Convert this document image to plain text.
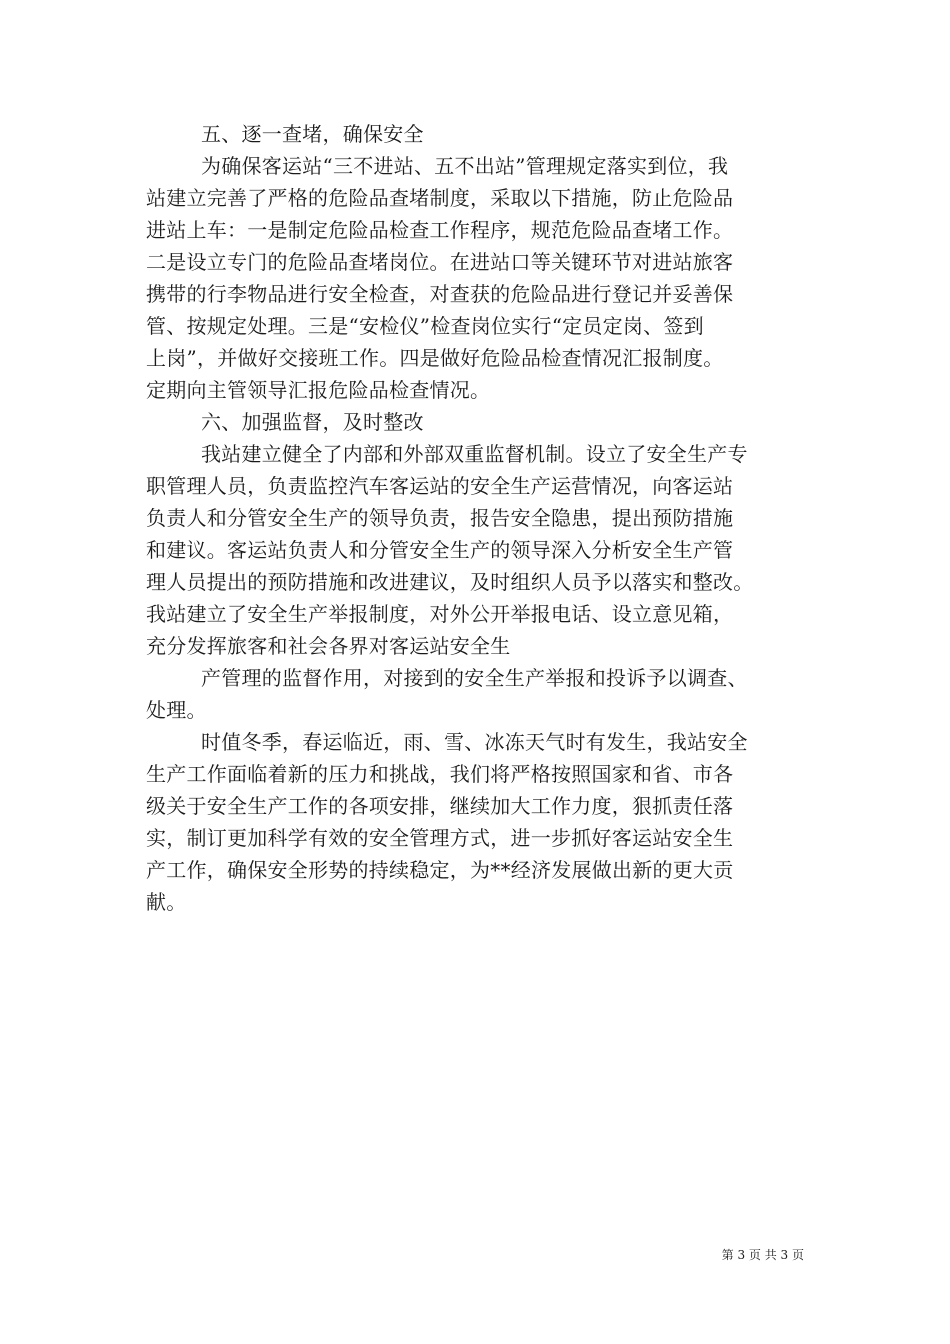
五、逐一查堵，确保安全

为确保客运站“三不进站、五不出站”管理规定落实到位，我

站建立完善了严格的危险品查堵制度，采取以下措施，防止危险品

进站上车：一是制定危险品检查工作程序，规范危险品查堵工作。

二是设立专门的危险品查堵岗位。在进站口等关键环节对进站旅客

携带的行李物品进行安全检查，对查获的危险品进行登记并妥善保

管、按规定处理。三是“安检仪”检查岗位实行“定员定岗、签到

上岗”，并做好交接班工作。四是做好危险品检查情况汇报制度。

定期向主管领导汇报危险品检查情况。

六、加强监督，及时整改

我站建立健全了内部和外部双重监督机制。设立了安全生产专

职管理人员，负责监控汽车客运站的安全生产运营情况，向客运站

负责人和分管安全生产的领导负责，报告安全隐患，提出预防措施

和建议。客运站负责人和分管安全生产的领导深入分析安全生产管

理人员提出的预防措施和改进建议，及时组织人员予以落实和整改。

我站建立了安全生产举报制度，对外公开举报电话、设立意见箱，

充分发挥旅客和社会各界对客运站安全生

产管理的监督作用，对接到的安全生产举报和投诉予以调查、

处理。

时值冬季，春运临近，雨、雪、冰冻天气时有发生，我站安全

生产工作面临着新的压力和挑战，我们将严格按照国家和省、市各

级关于安全生产工作的各项安排，继续加大工作力度，狠抓责任落

实，制订更加科学有效的安全管理方式，进一步抓好客运站安全生

产工作，确保安全形势的持续稳定，为**经济发展做出新的更大贡

献。

第 3 页 共 3 页
